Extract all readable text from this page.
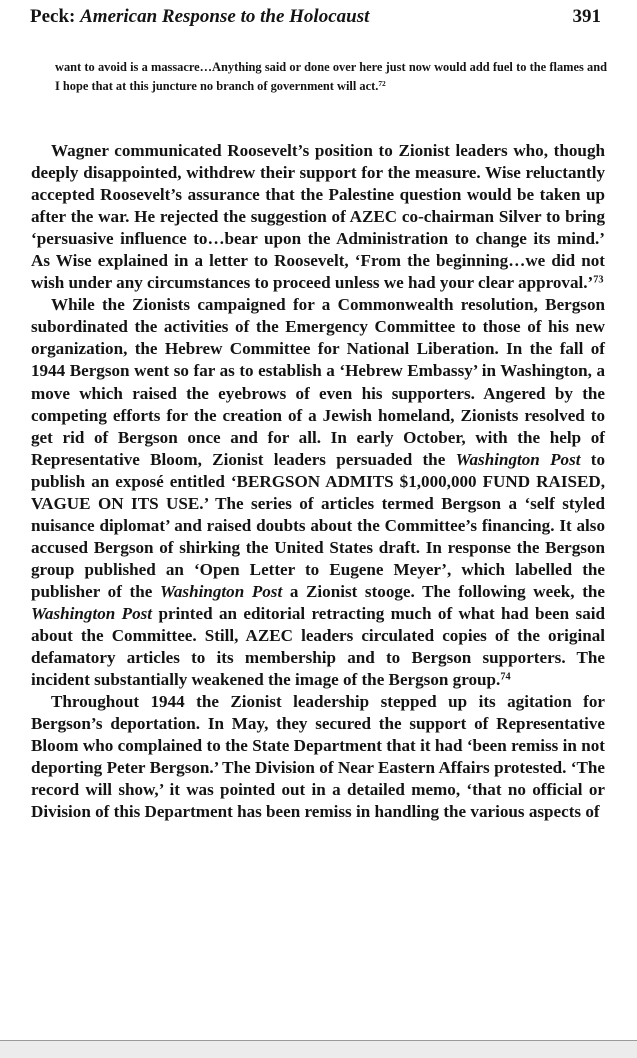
Peck: American Response to the Holocaust	391
want to avoid is a massacre…Anything said or done over here just now would add fuel to the flames and I hope that at this juncture no branch of government will act.$^{72}$

Wagner communicated Roosevelt’s position to Zionist leaders who, though deeply disappointed, withdrew their support for the measure. Wise reluctantly accepted Roosevelt’s assurance that the Palestine question would be taken up after the war. He rejected the suggestion of AZEC co-chairman Silver to bring ‘persuasive influence to…bear upon the Administration to change its mind.’ As Wise explained in a letter to Roosevelt, ‘From the beginning…we did not wish under any circumstances to proceed unless we had your clear approval.’$^{73}$

While the Zionists campaigned for a Commonwealth resolution, Bergson subordinated the activities of the Emergency Committee to those of his new organization, the Hebrew Committee for National Liberation. In the fall of 1944 Bergson went so far as to establish a ‘Hebrew Embassy’ in Washington, a move which raised the eyebrows of even his supporters. Angered by the competing efforts for the creation of a Jewish homeland, Zionists resolved to get rid of Bergson once and for all. In early October, with the help of Representative Bloom, Zionist leaders persuaded the Washington Post to publish an exposé entitled ‘BERGSON ADMITS $1,000,000 FUND RAISED, VAGUE ON ITS USE.’ The series of articles termed Bergson a ‘self styled nuisance diplomat’ and raised doubts about the Committee’s financing. It also accused Bergson of shirking the United States draft. In response the Bergson group published an ‘Open Letter to Eugene Meyer’, which labelled the publisher of the Washington Post a Zionist stooge. The following week, the Washington Post printed an editorial retracting much of what had been said about the Committee. Still, AZEC leaders circulated copies of the original defamatory articles to its membership and to Bergson supporters. The incident substantially weakened the image of the Bergson group.$^{74}$

Throughout 1944 the Zionist leadership stepped up its agitation for Bergson’s deportation. In May, they secured the support of Representative Bloom who complained to the State Department that it had ‘been remiss in not deporting Peter Bergson.’ The Division of Near Eastern Affairs protested. ‘The record will show,’ it was pointed out in a detailed memo, ‘that no official or Division of this Department has been remiss in handling the various aspects of
